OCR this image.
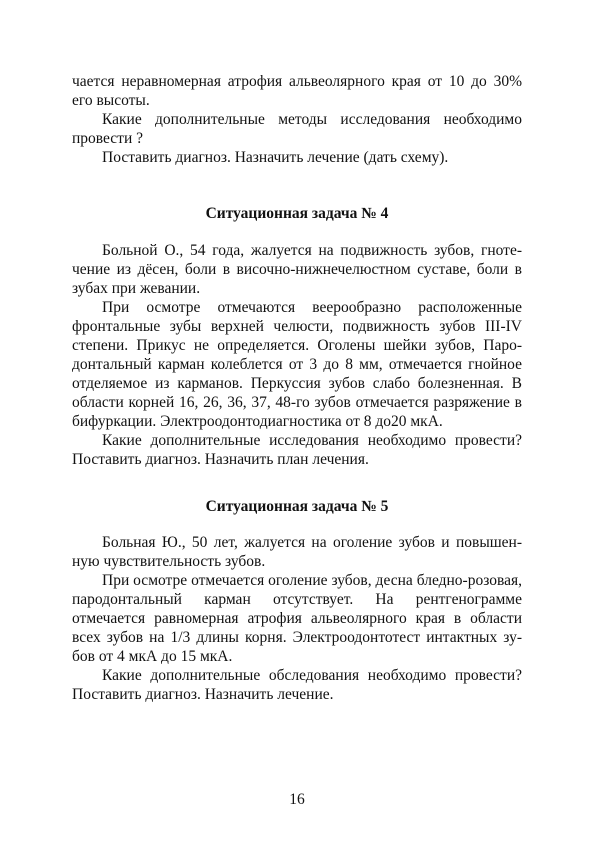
чается неравномерная атрофия альвеолярного края от 10 до 30% его высоты.

Какие дополнительные методы исследования необходимо провести ?

Поставить диагноз. Назначить лечение (дать схему).

Ситуационная задача № 4

Больной О., 54 года, жалуется на подвижность зубов, гноте-чение из дёсен, боли в височно-нижнечелюстном суставе, боли в зубах при жевании.

При осмотре отмечаются веерообразно расположенные фронтальные зубы верхней челюсти, подвижность зубов III-IV степени. Прикус не определяется. Оголены шейки зубов, Паро-донтальный карман колеблется от 3 до 8 мм, отмечается гнойное отделяемое из карманов. Перкуссия зубов слабо болезненная. В области корней 16, 26, 36, 37, 48-го зубов отмечается разряжение в бифуркации. Электроодонтодиагностика от 8 до20 мкА.

Какие дополнительные исследования необходимо провести? Поставить диагноз. Назначить план лечения.

Ситуационная задача № 5

Больная Ю., 50 лет, жалуется на оголение зубов и повышен-ную чувствительность зубов.

При осмотре отмечается оголение зубов, десна бледно-розовая, пародонтальный карман отсутствует. На рентгенограмме отмечается равномерная атрофия альвеолярного края в области всех зубов на 1/3 длины корня. Электроодонтотест интактных зу-бов от 4 мкА до 15 мкА.

Какие дополнительные обследования необходимо провести? Поставить диагноз. Назначить лечение.

16
